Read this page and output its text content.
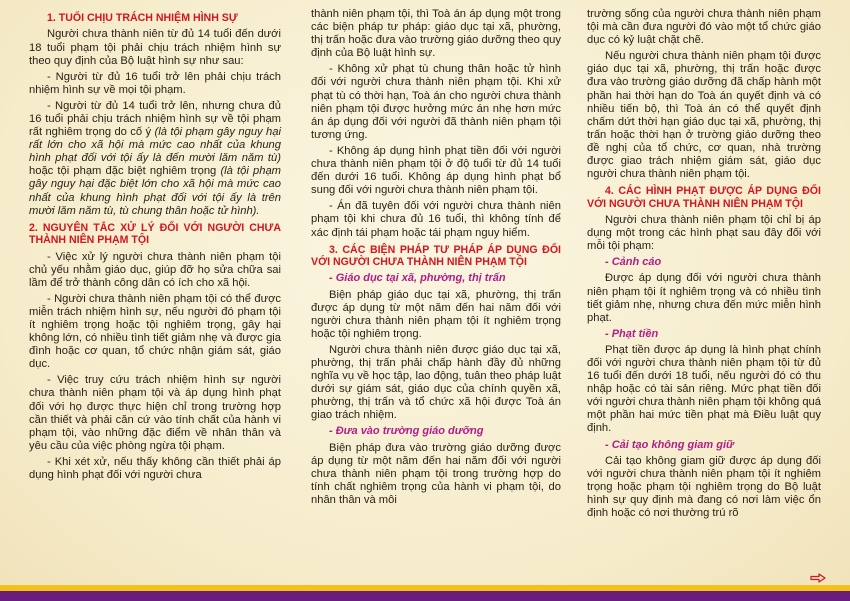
1. TUỔI CHỊU TRÁCH NHIỆM HÌNH SỰ

Người chưa thành niên từ đủ 14 tuổi đến dưới 18 tuổi phạm tội phải chịu trách nhiệm hình sự theo quy định của Bộ luật hình sự như sau:

- Người từ đủ 16 tuổi trở lên phải chịu trách nhiệm hình sự về mọi tội phạm.

- Người từ đủ 14 tuổi trở lên, nhưng chưa đủ 16 tuổi phải chịu trách nhiệm hình sự về tội phạm rất nghiêm trọng do cố ý (là tội phạm gây nguy hại rất lớn cho xã hội mà mức cao nhất của khung hình phạt đối với tội ấy là đến mười lăm năm tù) hoặc tội phạm đặc biệt nghiêm trọng (là tội phạm gây nguy hại đặc biệt lớn cho xã hội mà mức cao nhất của khung hình phạt đối với tội ấy là trên mười lăm năm tù, tù chung thân hoặc tử hình).

2. NGUYÊN TẮC XỬ LÝ ĐỐI VỚI NGƯỜI CHƯA THÀNH NIÊN PHẠM TỘI

- Việc xử lý người chưa thành niên phạm tội chủ yếu nhằm giáo dục, giúp đỡ họ sửa chữa sai lầm để trở thành công dân có ích cho xã hội.

- Người chưa thành niên phạm tội có thể được miễn trách nhiệm hình sự, nếu người đó phạm tội ít nghiêm trọng hoặc tội nghiêm trọng, gây hại không lớn, có nhiều tình tiết giảm nhẹ và được gia đình hoặc cơ quan, tổ chức nhận giám sát, giáo dục.

- Việc truy cứu trách nhiệm hình sự người chưa thành niên phạm tội và áp dụng hình phạt đối với họ được thực hiện chỉ trong trường hợp cần thiết và phải căn cứ vào tính chất của hành vi phạm tội, vào những đặc điểm về nhân thân và yêu cầu của việc phòng ngừa tội phạm.

- Khi xét xử, nếu thấy không cần thiết phải áp dụng hình phạt đối với người chưa

thành niên phạm tội, thì Toà án áp dụng một trong các biện pháp tư pháp: giáo dục tại xã, phường, thị trấn hoặc đưa vào trường giáo dưỡng theo quy định của Bộ luật hình sự.

- Không xử phạt tù chung thân hoặc tử hình đối với người chưa thành niên phạm tội. Khi xử phạt tù có thời hạn, Toà án cho người chưa thành niên phạm tội được hưởng mức án nhẹ hơn mức án áp dụng đối với người đã thành niên phạm tội tương ứng.

- Không áp dụng hình phạt tiền đối với người chưa thành niên phạm tội ở độ tuổi từ đủ 14 tuổi đến dưới 16 tuổi. Không áp dụng hình phạt bổ sung đối với người chưa thành niên phạm tội.

- Án đã tuyên đối với người chưa thành niên phạm tội khi chưa đủ 16 tuổi, thì không tính để xác định tái phạm hoặc tái phạm nguy hiểm.

3. CÁC BIỆN PHÁP TƯ PHÁP ÁP DỤNG ĐỐI VỚI NGƯỜI CHƯA THÀNH NIÊN PHẠM TỘI
- Giáo dục tại xã, phường, thị trấn

Biện pháp giáo dục tại xã, phường, thị trấn được áp dụng từ một năm đến hai năm đối với người chưa thành niên phạm tội ít nghiêm trọng hoặc tội nghiêm trọng.

Người chưa thành niên được giáo dục tại xã, phường, thị trấn phải chấp hành đầy đủ những nghĩa vụ về học tập, lao động, tuân theo pháp luật dưới sự giám sát, giáo dục của chính quyền xã, phường, thị trấn và tổ chức xã hội được Toà án giao trách nhiệm.

- Đưa vào trường giáo dưỡng

Biện pháp đưa vào trường giáo dưỡng được áp dụng từ một năm đến hai năm đối với người chưa thành niên phạm tội trong trường hợp do tính chất nghiêm trọng của hành vi phạm tội, do nhân thân và môi

trường sống của người chưa thành niên phạm tội mà cần đưa người đó vào một tổ chức giáo dục có kỷ luật chặt chẽ.

Nếu người chưa thành niên phạm tội được giáo dục tại xã, phường, thị trấn hoặc được đưa vào trường giáo dưỡng đã chấp hành một phần hai thời hạn do Toà án quyết định và có nhiều tiến bộ, thì Toà án có thể quyết định chấm dứt thời hạn giáo dục tại xã, phường, thị trấn hoặc thời hạn ở trường giáo dưỡng theo đề nghị của tổ chức, cơ quan, nhà trường được giao trách nhiệm giám sát, giáo dục người chưa thành niên phạm tội.

4. CÁC HÌNH PHẠT ĐƯỢC ÁP DỤNG ĐỐI VỚI NGƯỜI CHƯA THÀNH NIÊN PHẠM TỘI

Người chưa thành niên phạm tội chỉ bị áp dụng một trong các hình phạt sau đây đối với mỗi tội phạm:

- Cảnh cáo

Được áp dụng đối với người chưa thành niên phạm tội ít nghiêm trọng và có nhiều tình tiết giảm nhẹ, nhưng chưa đến mức miễn hình phạt.

- Phạt tiền

Phạt tiền được áp dụng là hình phạt chính đối với người chưa thành niên phạm tội từ đủ 16 tuổi đến dưới 18 tuổi, nếu người đó có thu nhập hoặc có tài sản riêng. Mức phạt tiền đối với người chưa thành niên phạm tội không quá một phần hai mức tiền phạt mà Điều luật quy định.

- Cải tạo không giam giữ

Cải tạo không giam giữ được áp dụng đối với người chưa thành niên phạm tội ít nghiêm trọng hoặc phạm tội nghiêm trọng do Bộ luật hình sự quy định mà đang có nơi làm việc ổn định hoặc có nơi thường trú rõ
